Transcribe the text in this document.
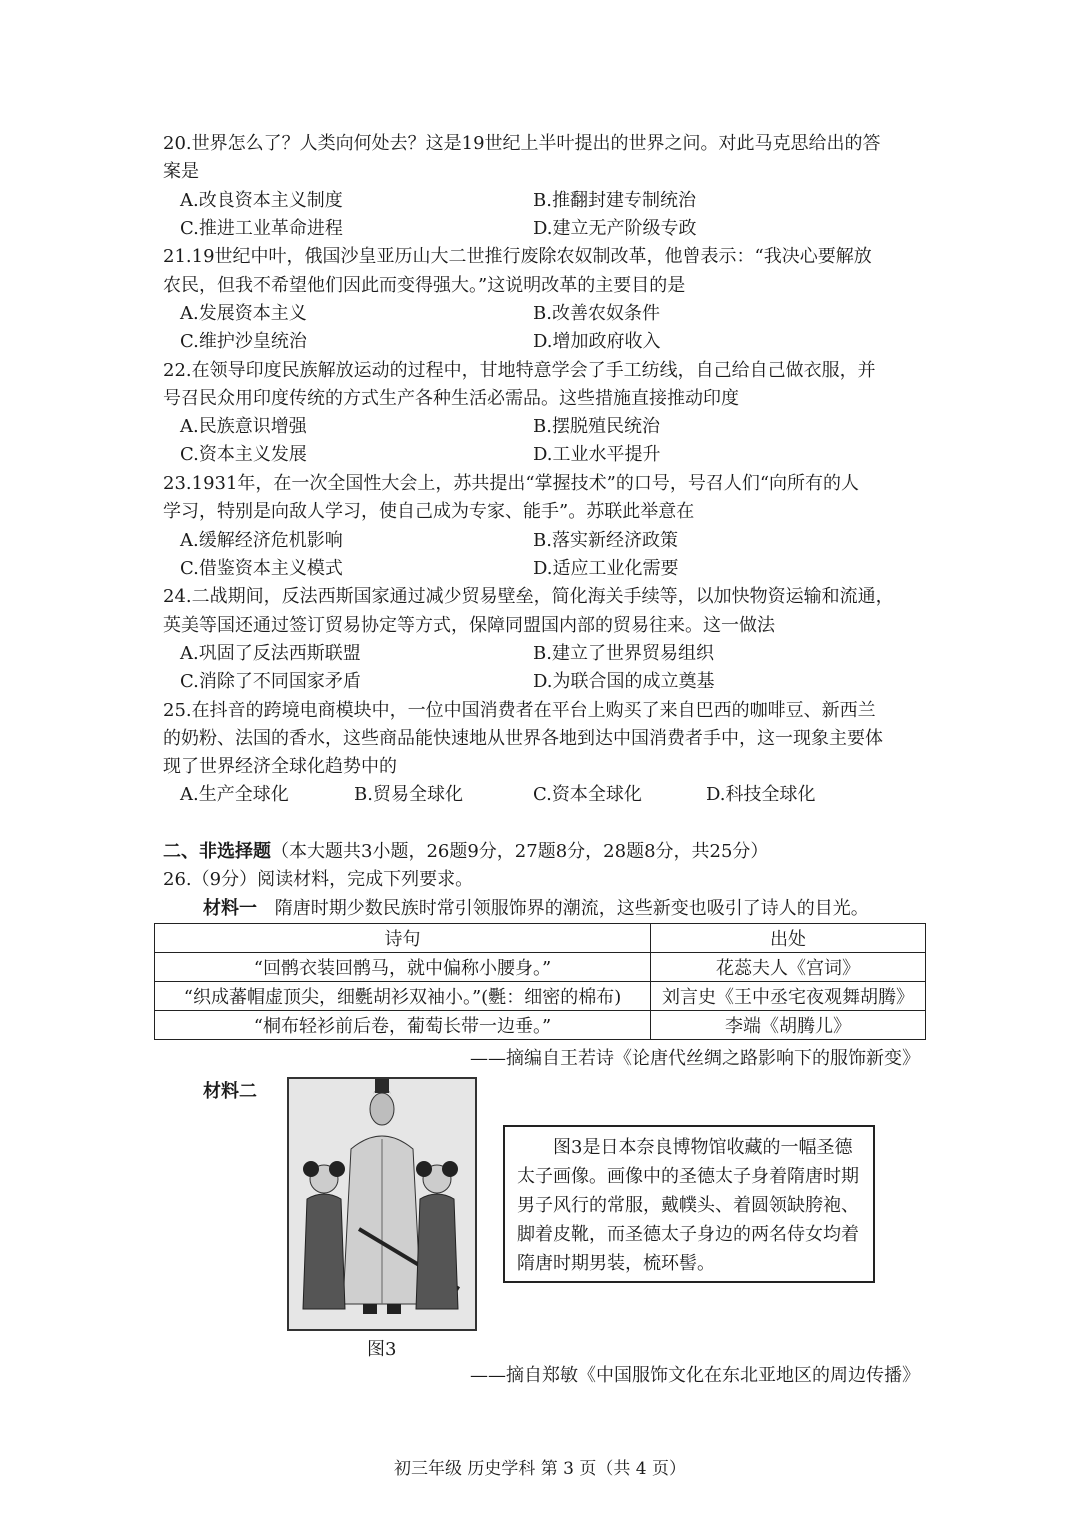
20.世界怎么了？人类向何处去？这是19世纪上半叶提出的世界之问。对此马克思给出的答
案是
A.改良资本主义制度	B.推翻封建专制统治
C.推进工业革命进程	D.建立无产阶级专政
21.19世纪中叶，俄国沙皇亚历山大二世推行废除农奴制改革，他曾表示：“我决心要解放
农民，但我不希望他们因此而变得强大。”这说明改革的主要目的是
A.发展资本主义	B.改善农奴条件
C.维护沙皇统治	D.增加政府收入
22.在领导印度民族解放运动的过程中，甘地特意学会了手工纺线，自己给自己做衣服，并
号召民众用印度传统的方式生产各种生活必需品。这些措施直接推动印度
A.民族意识增强	B.摆脱殖民统治
C.资本主义发展	D.工业水平提升
23.1931年，在一次全国性大会上，苏共提出“掌握技术”的口号，号召人们“向所有的人
学习，特别是向敌人学习，使自己成为专家、能手”。苏联此举意在
A.缓解经济危机影响	B.落实新经济政策
C.借鉴资本主义模式	D.适应工业化需要
24.二战期间，反法西斯国家通过减少贸易壁垒，简化海关手续等，以加快物资运输和流通，
英美等国还通过签订贸易协定等方式，保障同盟国内部的贸易往来。这一做法
A.巩固了反法西斯联盟	B.建立了世界贸易组织
C.消除了不同国家矛盾	D.为联合国的成立奠基
25.在抖音的跨境电商模块中，一位中国消费者在平台上购买了来自巴西的咖啡豆、新西兰
的奶粉、法国的香水，这些商品能快速地从世界各地到达中国消费者手中，这一现象主要体
现了世界经济全球化趋势中的
A.生产全球化	B.贸易全球化	C.资本全球化	D.科技全球化
二、非选择题（本大题共3小题，26题9分，27题8分，28题8分，共25分）
26.（9分）阅读材料，完成下列要求。
材料一 隋唐时期少数民族时常引领服饰界的潮流，这些新变也吸引了诗人的目光。
诗句	出处
“回鹘衣装回鹘马，就中偏称小腰身。”	花蕊夫人《宫词》
“织成蕃帽虚顶尖，细氎胡衫双袖小。”(氎：细密的棉布)	刘言史《王中丞宅夜观舞胡腾》
“桐布轻衫前后卷，葡萄长带一边垂。”	李端《胡腾儿》
——摘编自王若诗《论唐代丝绸之路影响下的服饰新变》
材料二
图3是日本奈良博物馆收藏的一幅圣德太子画像。画像中的圣德太子身着隋唐时期男子风行的常服，戴幞头、着圆领缺胯袍、脚着皮靴，而圣德太子身边的两名侍女均着隋唐时期男装，梳环髻。
图3
——摘自郑敏《中国服饰文化在东北亚地区的周边传播》
初三年级 历史学科 第 3 页（共 4 页）
